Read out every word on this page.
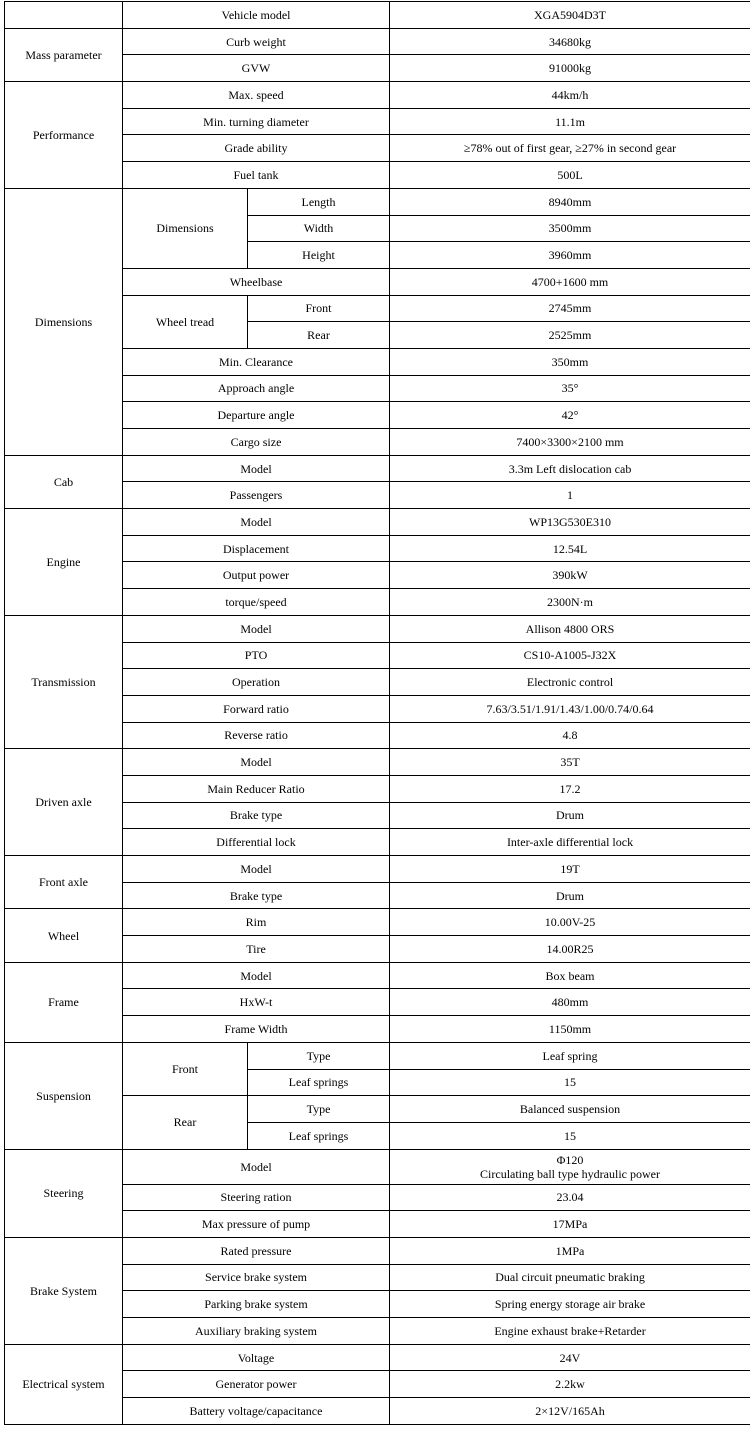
	Vehicle model		XGA5904D3T
Mass parameter	Curb weight		34680kg
	GVW		91000kg
Performance	Max. speed		44km/h
	Min. turning diameter		11.1m
	Grade ability		≥78% out of first gear, ≥27% in second gear
	Fuel tank		500L
Dimensions	Dimensions	Length	8940mm
		Width	3500mm
		Height	3960mm
	Wheelbase		4700+1600 mm
	Wheel tread	Front	2745mm
		Rear	2525mm
	Min. Clearance		350mm
	Approach angle		35°
	Departure angle		42°
	Cargo size		7400×3300×2100 mm
Cab	Model		3.3m Left dislocation cab
	Passengers		1
Engine	Model		WP13G530E310
	Displacement		12.54L
	Output power		390kW
	torque/speed		2300N·m
Transmission	Model		Allison 4800 ORS
	PTO		CS10-A1005-J32X
	Operation		Electronic control
	Forward ratio		7.63/3.51/1.91/1.43/1.00/0.74/0.64
	Reverse ratio		4.8
Driven axle	Model		35T
	Main Reducer Ratio		17.2
	Brake type		Drum
	Differential lock		Inter-axle differential lock
Front axle	Model		19T
	Brake type		Drum
Wheel	Rim		10.00V-25
	Tire		14.00R25
Frame	Model		Box beam
	HxW-t		480mm
	Frame Width		1150mm
Suspension	Front	Type	Leaf spring
		Leaf springs	15
	Rear	Type	Balanced suspension
		Leaf springs	15
Steering	Model		Φ120
Circulating ball type hydraulic power

	Steering ration		23.04
	Max pressure of pump		17MPa
Brake System	Rated pressure		1MPa
	Service brake system		Dual circuit pneumatic braking
	Parking brake system		Spring energy storage air brake
	Auxiliary braking system		Engine exhaust brake+Retarder
Electrical system	Voltage		24V
	Generator power		2.2kw
	Battery voltage/capacitance		2×12V/165Ah
